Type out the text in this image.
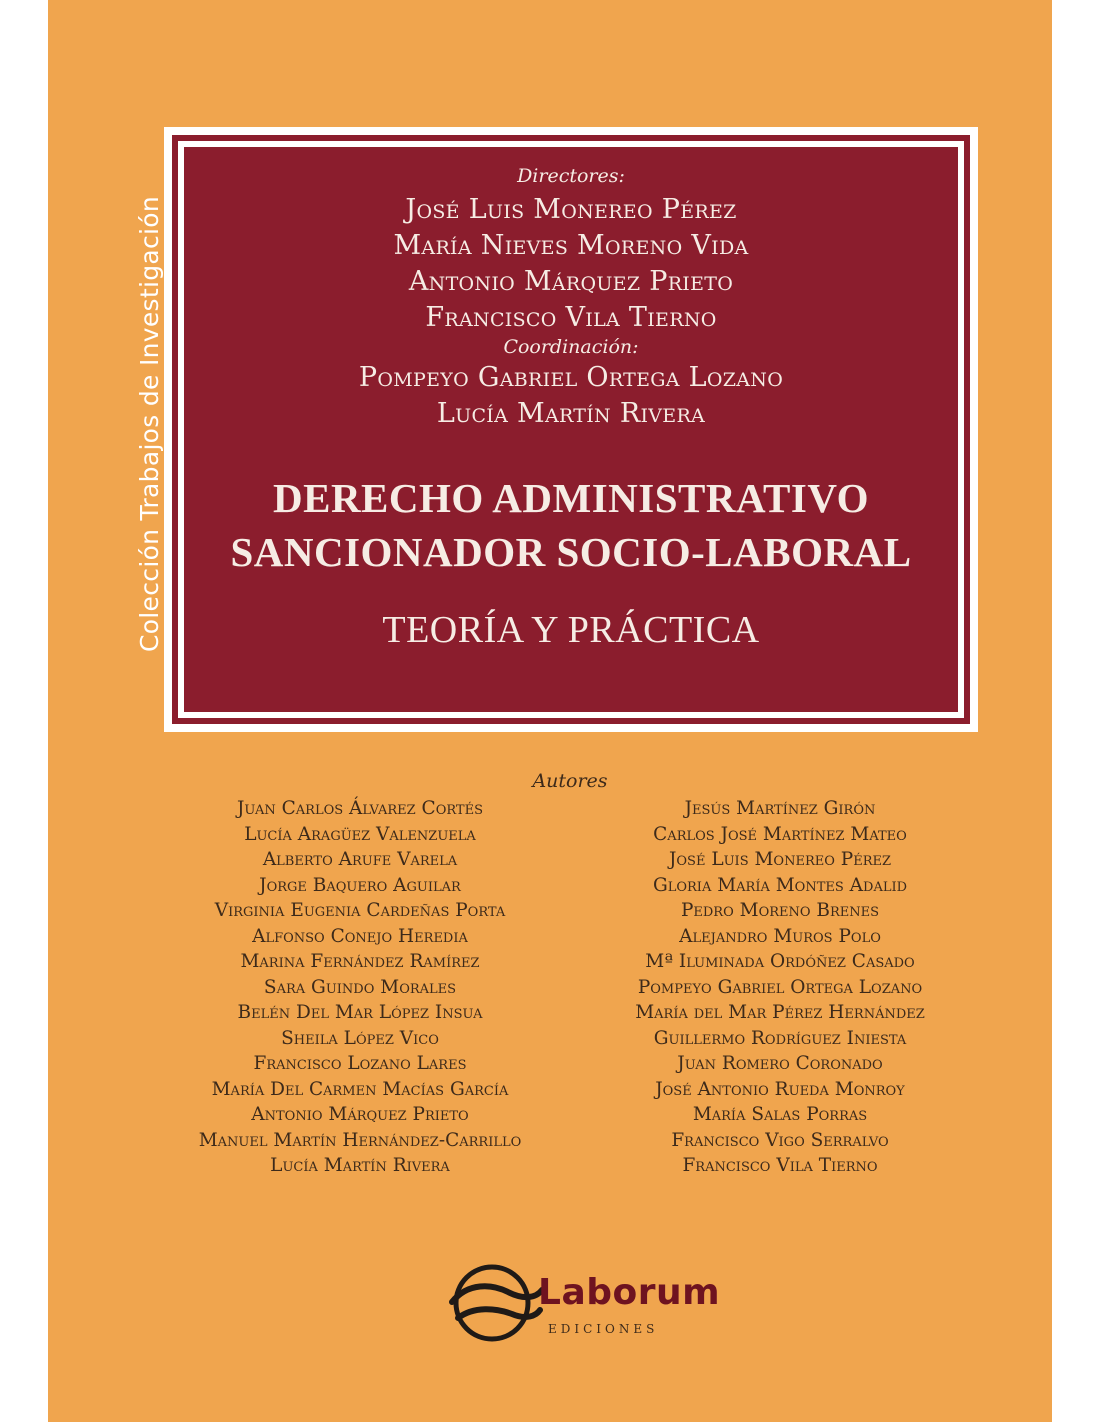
Colección Trabajos de Investigación
Directores:
José Luis Monereo Pérez
María Nieves Moreno Vida
Antonio Márquez Prieto
Francisco Vila Tierno
Coordinación:
Pompeyo Gabriel Ortega Lozano
Lucía Martín Rivera
DERECHO ADMINISTRATIVO
SANCIONADOR SOCIO-LABORAL
TEORÍA Y PRÁCTICA
Autores
Juan Carlos Álvarez Cortés
Lucía Aragüez Valenzuela
Alberto Arufe Varela
Jorge Baquero Aguilar
Virginia Eugenia Cardeñas Porta
Alfonso Conejo Heredia
Marina Fernández Ramírez
Sara Guindo Morales
Belén Del Mar López Insua
Sheila López Vico
Francisco Lozano Lares
María Del Carmen Macías García
Antonio Márquez Prieto
Manuel Martín Hernández-Carrillo
Lucía Martín Rivera
Jesús Martínez Girón
Carlos José Martínez Mateo
José Luis Monereo Pérez
Gloria María Montes Adalid
Pedro Moreno Brenes
Alejandro Muros Polo
Mª Iluminada Ordóñez Casado
Pompeyo Gabriel Ortega Lozano
María del Mar Pérez Hernández
Guillermo Rodríguez Iniesta
Juan Romero Coronado
José Antonio Rueda Monroy
María Salas Porras
Francisco Vigo Serralvo
Francisco Vila Tierno
Laborum
EDICIONES
